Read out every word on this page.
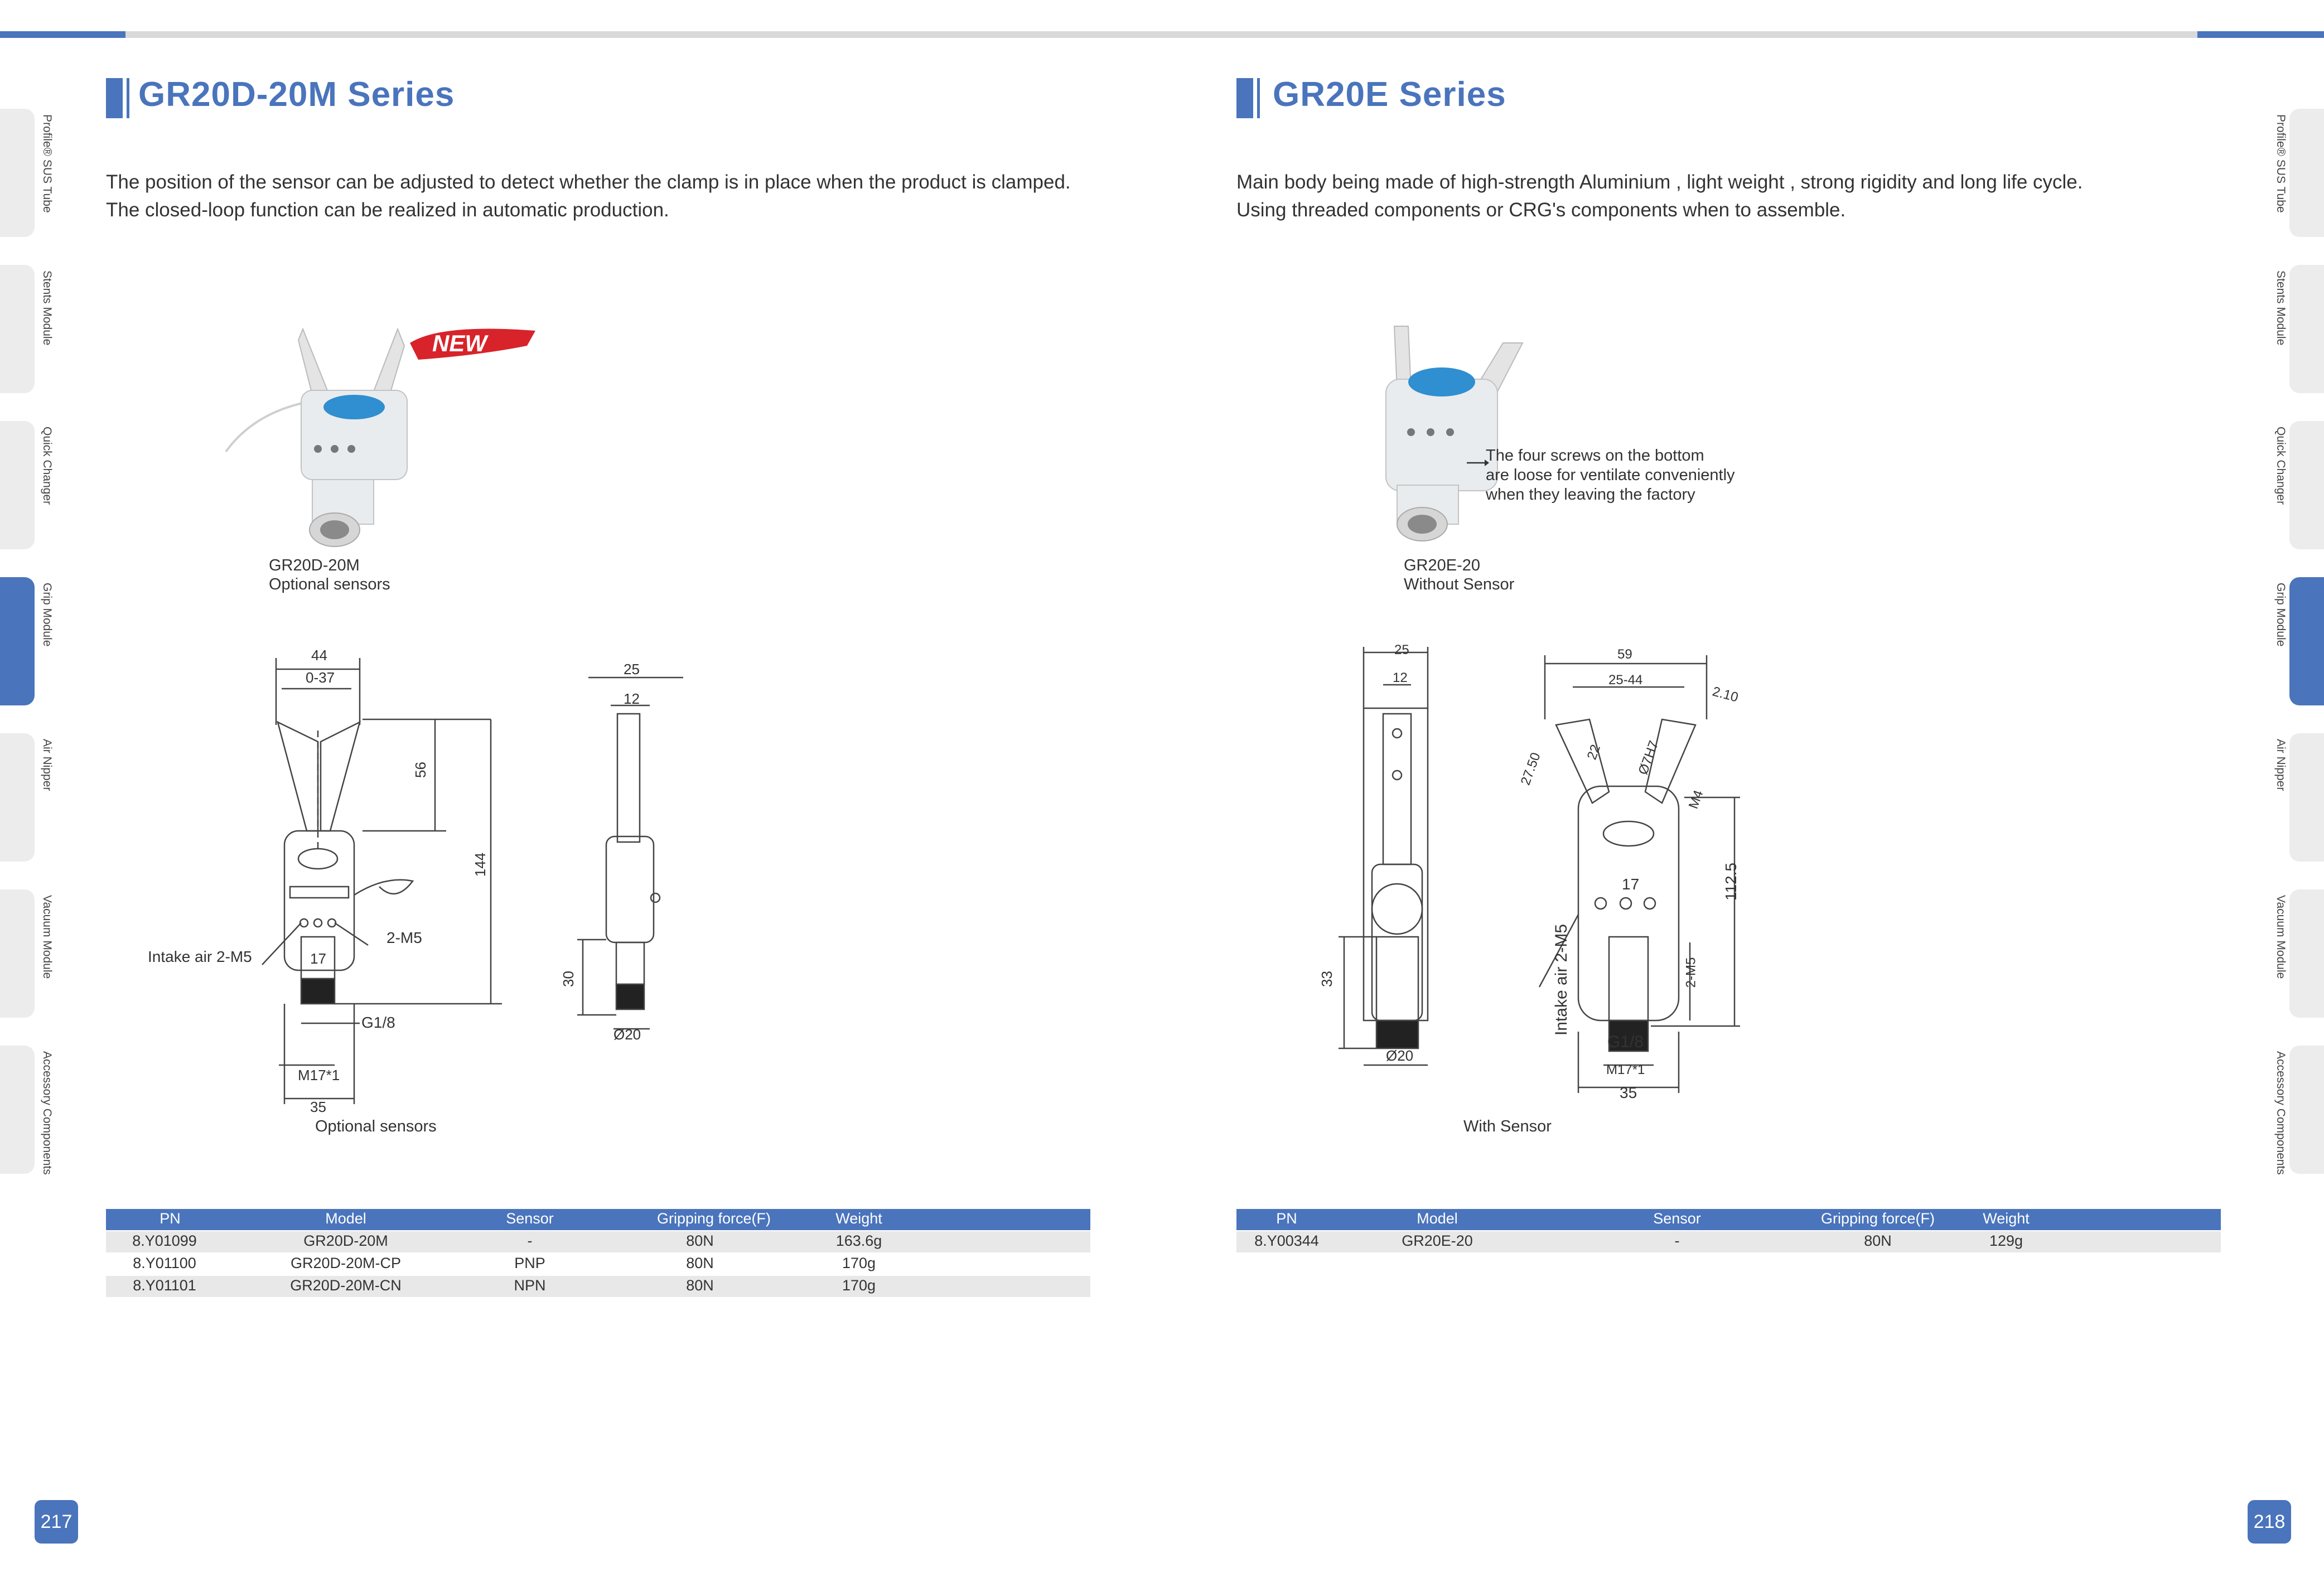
Profile® SUS Tube
Stents Module
Quick Changer
Grip Module
Air Nipper
Vacuum Module
Accessory Components
Profile® SUS Tube
Stents Module
Quick Changer
Grip Module
Air Nipper
Vacuum Module
Accessory Components
GR20D-20M Series
The position of the sensor can be adjusted to detect whether the clamp is in place when the product is clamped.
The closed-loop function can be realized in automatic production.
NEW
GR20D-20M
Optional sensors
44
0-37
56
144
17
Intake air 2-M5
2-M5
G1/8
M17*1
35
Optional sensors
25
12
30
Ø20
PN	Model	Sensor	Gripping force(F)	Weight
8.Y01099	GR20D-20M	-	80N	163.6g
8.Y01100	GR20D-20M-CP	PNP	80N	170g
8.Y01101	GR20D-20M-CN	NPN	80N	170g
217
GR20E Series
Main body being made of high-strength Aluminium , light weight , strong rigidity and long life cycle.
Using threaded components or CRG's components when to assemble.
The four screws on the bottom
are loose for ventilate conveniently
when they leaving the factory
GR20E-20
Without Sensor
25
12
33
Ø20
59
25-44
2.10
27.50	22 Ø7H7
M4
17	112.5
2-M5
Intake air 2-M5
G1/8
M17*1
35
With Sensor
PN	Model	Sensor	Gripping force(F)	Weight
8.Y00344	GR20E-20	-	80N	129g
218
